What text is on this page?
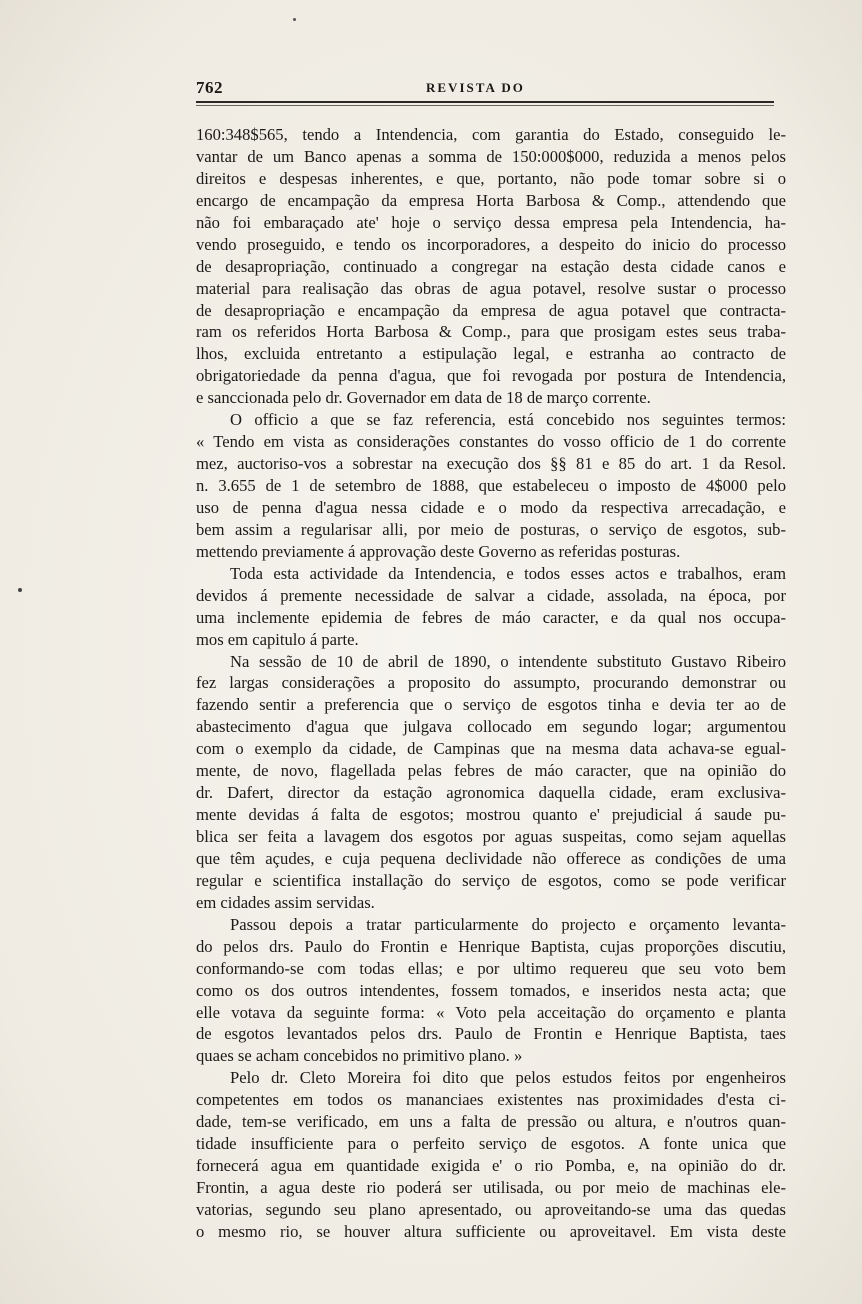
762	REVISTA DO
160:348$565, tendo a Intendencia, com garantia do Estado, conseguido le-
vantar de um Banco apenas a somma de 150:000$000, reduzida a menos pelos
direitos e despesas inherentes, e que, portanto, não pode tomar sobre si o
encargo de encampação da empresa Horta Barbosa & Comp., attendendo que
não foi embaraçado ate' hoje o serviço dessa empresa pela Intendencia, ha-
vendo proseguido, e tendo os incorporadores, a despeito do inicio do processo
de desapropriação, continuado a congregar na estação desta cidade canos e
material para realisação das obras de agua potavel, resolve sustar o processo
de desapropriação e encampação da empresa de agua potavel que contracta-
ram os referidos Horta Barbosa & Comp., para que prosigam estes seus traba-
lhos, excluida entretanto a estipulação legal, e estranha ao contracto de
obrigatoriedade da penna d'agua, que foi revogada por postura de Intendencia,
e sanccionada pelo dr. Governador em data de 18 de março corrente.
O officio a que se faz referencia, está concebido nos seguintes termos:
« Tendo em vista as considerações constantes do vosso officio de 1 do corrente
mez, auctoriso-vos a sobrestar na execução dos §§ 81 e 85 do art. 1 da Resol.
n. 3.655 de 1 de setembro de 1888, que estabeleceu o imposto de 4$000 pelo
uso de penna d'agua nessa cidade e o modo da respectiva arrecadação, e
bem assim a regularisar alli, por meio de posturas, o serviço de esgotos, sub-
mettendo previamente á approvação deste Governo as referidas posturas.
Toda esta actividade da Intendencia, e todos esses actos e trabalhos, eram
devidos á premente necessidade de salvar a cidade, assolada, na época, por
uma inclemente epidemia de febres de máo caracter, e da qual nos occupa-
mos em capitulo á parte.
Na sessão de 10 de abril de 1890, o intendente substituto Gustavo Ribeiro
fez largas considerações a proposito do assumpto, procurando demonstrar ou
fazendo sentir a preferencia que o serviço de esgotos tinha e devia ter ao de
abastecimento d'agua que julgava collocado em segundo logar; argumentou
com o exemplo da cidade, de Campinas que na mesma data achava-se egual-
mente, de novo, flagellada pelas febres de máo caracter, que na opinião do
dr. Dafert, director da estação agronomica daquella cidade, eram exclusiva-
mente devidas á falta de esgotos; mostrou quanto e' prejudicial á saude pu-
blica ser feita a lavagem dos esgotos por aguas suspeitas, como sejam aquellas
que têm açudes, e cuja pequena declividade não offerece as condições de uma
regular e scientifica installação do serviço de esgotos, como se pode verificar
em cidades assim servidas.
Passou depois a tratar particularmente do projecto e orçamento levanta-
do pelos drs. Paulo do Frontin e Henrique Baptista, cujas proporções discutiu,
conformando-se com todas ellas; e por ultimo requereu que seu voto bem
como os dos outros intendentes, fossem tomados, e inseridos nesta acta; que
elle votava da seguinte forma: « Voto pela acceitação do orçamento e planta
de esgotos levantados pelos drs. Paulo de Frontin e Henrique Baptista, taes
quaes se acham concebidos no primitivo plano. »
Pelo dr. Cleto Moreira foi dito que pelos estudos feitos por engenheiros
competentes em todos os mananciaes existentes nas proximidades d'esta ci-
dade, tem-se verificado, em uns a falta de pressão ou altura, e n'outros quan-
tidade insufficiente para o perfeito serviço de esgotos. A fonte unica que
fornecerá agua em quantidade exigida e' o rio Pomba, e, na opinião do dr.
Frontin, a agua deste rio poderá ser utilisada, ou por meio de machinas ele-
vatorias, segundo seu plano apresentado, ou aproveitando-se uma das quedas
o mesmo rio, se houver altura sufficiente ou aproveitavel. Em vista deste
